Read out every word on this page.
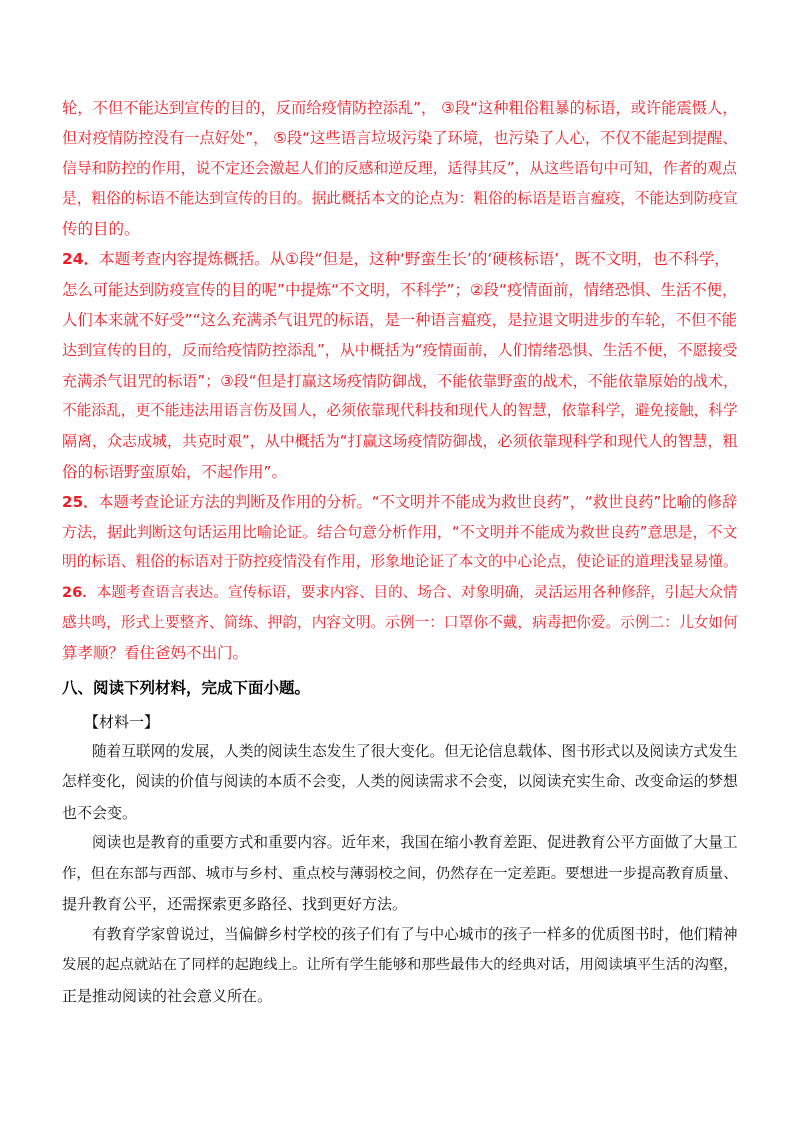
轮，不但不能达到宣传的目的，反而给疫情防控添乱”， ③段“这种粗俗粗暴的标语，或许能震慑人，
但对疫情防控没有一点好处”， ⑤段“这些语言垃圾污染了环境，也污染了人心，不仅不能起到提醒、
信导和防控的作用，说不定还会激起人们的反感和逆反理，适得其反”，从这些语句中可知，作者的观点
是，粗俗的标语不能达到宣传的目的。据此概括本文的论点为：粗俗的标语是语言瘟疫，不能达到防疫宣
传的目的。
24．本题考查内容提炼概括。从①段“但是，这种‘野蛮生长’的‘硬核标语’，既不文明，也不科学，
怎么可能达到防疫宣传的目的呢”中提炼“不文明，不科学”；②段“疫情面前，情绪恐惧、生活不便，
人们本来就不好受”“这么充满杀气诅咒的标语，是一种语言瘟疫，是拉退文明进步的车轮，不但不能
达到宣传的目的，反而给疫情防控添乱”，从中概括为“疫情面前，人们情绪恐惧、生活不便，不愿接受
充满杀气诅咒的标语”；③段“但是打赢这场疫情防御战，不能依靠野蛮的战术，不能依靠原始的战术，
不能添乱，更不能违法用语言伤及国人，必须依靠现代科技和现代人的智慧，依靠科学，避免接触，科学
隔离，众志成城，共克时艰”，从中概括为“打赢这场疫情防御战，必须依靠现科学和现代人的智慧，粗
俗的标语野蛮原始，不起作用”。
25．本题考查论证方法的判断及作用的分析。“不文明并不能成为救世良药”，“救世良药”比喻的修辞
方法，据此判断这句话运用比喻论证。结合句意分析作用，“不文明并不能成为救世良药”意思是，不文
明的标语、粗俗的标语对于防控疫情没有作用，形象地论证了本文的中心论点，使论证的道理浅显易懂。
26．本题考查语言表达。宣传标语，要求内容、目的、场合、对象明确，灵活运用各种修辞，引起大众情
感共鸣，形式上要整齐、简练、押韵，内容文明。示例一：口罩你不戴，病毒把你爱。示例二：儿女如何
算孝顺？看住爸妈不出门。
八、阅读下列材料，完成下面小题。
【材料一】
随着互联网的发展，人类的阅读生态发生了很大变化。但无论信息载体、图书形式以及阅读方式发生
怎样变化，阅读的价值与阅读的本质不会变，人类的阅读需求不会变，以阅读充实生命、改变命运的梦想
也不会变。
阅读也是教育的重要方式和重要内容。近年来，我国在缩小教育差距、促进教育公平方面做了大量工
作，但在东部与西部、城市与乡村、重点校与薄弱校之间，仍然存在一定差距。要想进一步提高教育质量、
提升教育公平，还需探索更多路径、找到更好方法。
有教育学家曾说过，当偏僻乡村学校的孩子们有了与中心城市的孩子一样多的优质图书时，他们精神
发展的起点就站在了同样的起跑线上。让所有学生能够和那些最伟大的经典对话，用阅读填平生活的沟壑，
正是推动阅读的社会意义所在。
